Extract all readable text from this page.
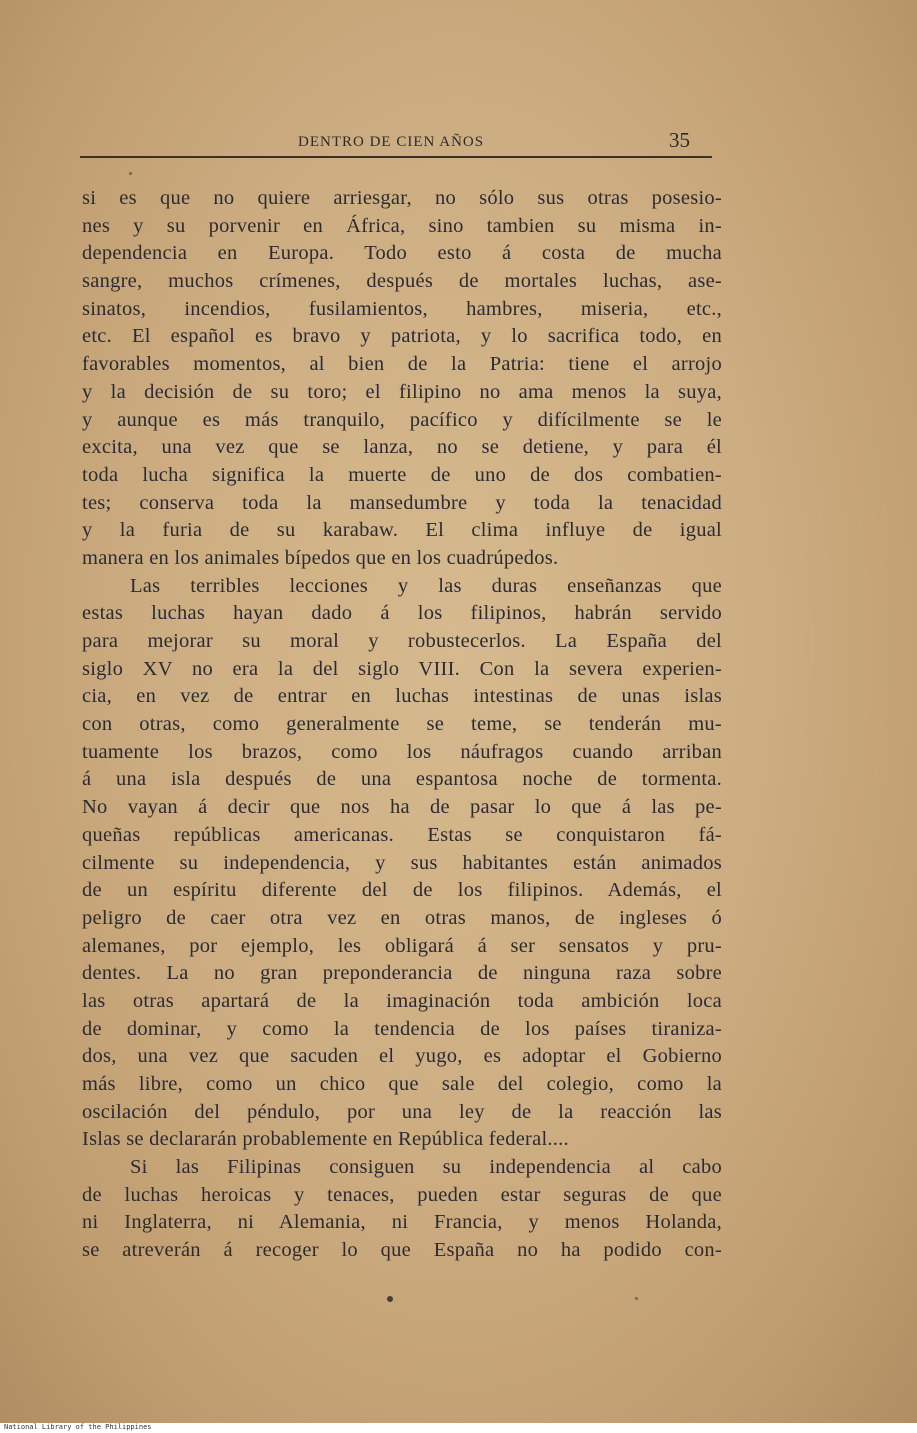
DENTRO DE CIEN AÑOS	35
si es que no quiere arriesgar, no sólo sus otras posesio-
nes y su porvenir en África, sino tambien su misma in-
dependencia en Europa. Todo esto á costa de mucha
sangre, muchos crímenes, después de mortales luchas, ase-
sinatos, incendios, fusilamientos, hambres, miseria, etc.,
etc. El español es bravo y patriota, y lo sacrifica todo, en
favorables momentos, al bien de la Patria: tiene el arrojo
y la decisión de su toro; el filipino no ama menos la suya,
y aunque es más tranquilo, pacífico y difícilmente se le
excita, una vez que se lanza, no se detiene, y para él
toda lucha significa la muerte de uno de dos combatien-
tes; conserva toda la mansedumbre y toda la tenacidad
y la furia de su karabaw. El clima influye de igual
manera en los animales bípedos que en los cuadrúpedos.
Las terribles lecciones y las duras enseñanzas que
estas luchas hayan dado á los filipinos, habrán servido
para mejorar su moral y robustecerlos. La España del
siglo XV no era la del siglo VIII. Con la severa experien-
cia, en vez de entrar en luchas intestinas de unas islas
con otras, como generalmente se teme, se tenderán mu-
tuamente los brazos, como los náufragos cuando arriban
á una isla después de una espantosa noche de tormenta.
No vayan á decir que nos ha de pasar lo que á las pe-
queñas repúblicas americanas. Estas se conquistaron fá-
cilmente su independencia, y sus habitantes están animados
de un espíritu diferente del de los filipinos. Además, el
peligro de caer otra vez en otras manos, de ingleses ó
alemanes, por ejemplo, les obligará á ser sensatos y pru-
dentes. La no gran preponderancia de ninguna raza sobre
las otras apartará de la imaginación toda ambición loca
de dominar, y como la tendencia de los países tiraniza-
dos, una vez que sacuden el yugo, es adoptar el Gobierno
más libre, como un chico que sale del colegio, como la
oscilación del péndulo, por una ley de la reacción las
Islas se declararán probablemente en República federal....
Si las Filipinas consiguen su independencia al cabo
de luchas heroicas y tenaces, pueden estar seguras de que
ni Inglaterra, ni Alemania, ni Francia, y menos Holanda,
se atreverán á recoger lo que España no ha podido con-
National Library of the Philippines
